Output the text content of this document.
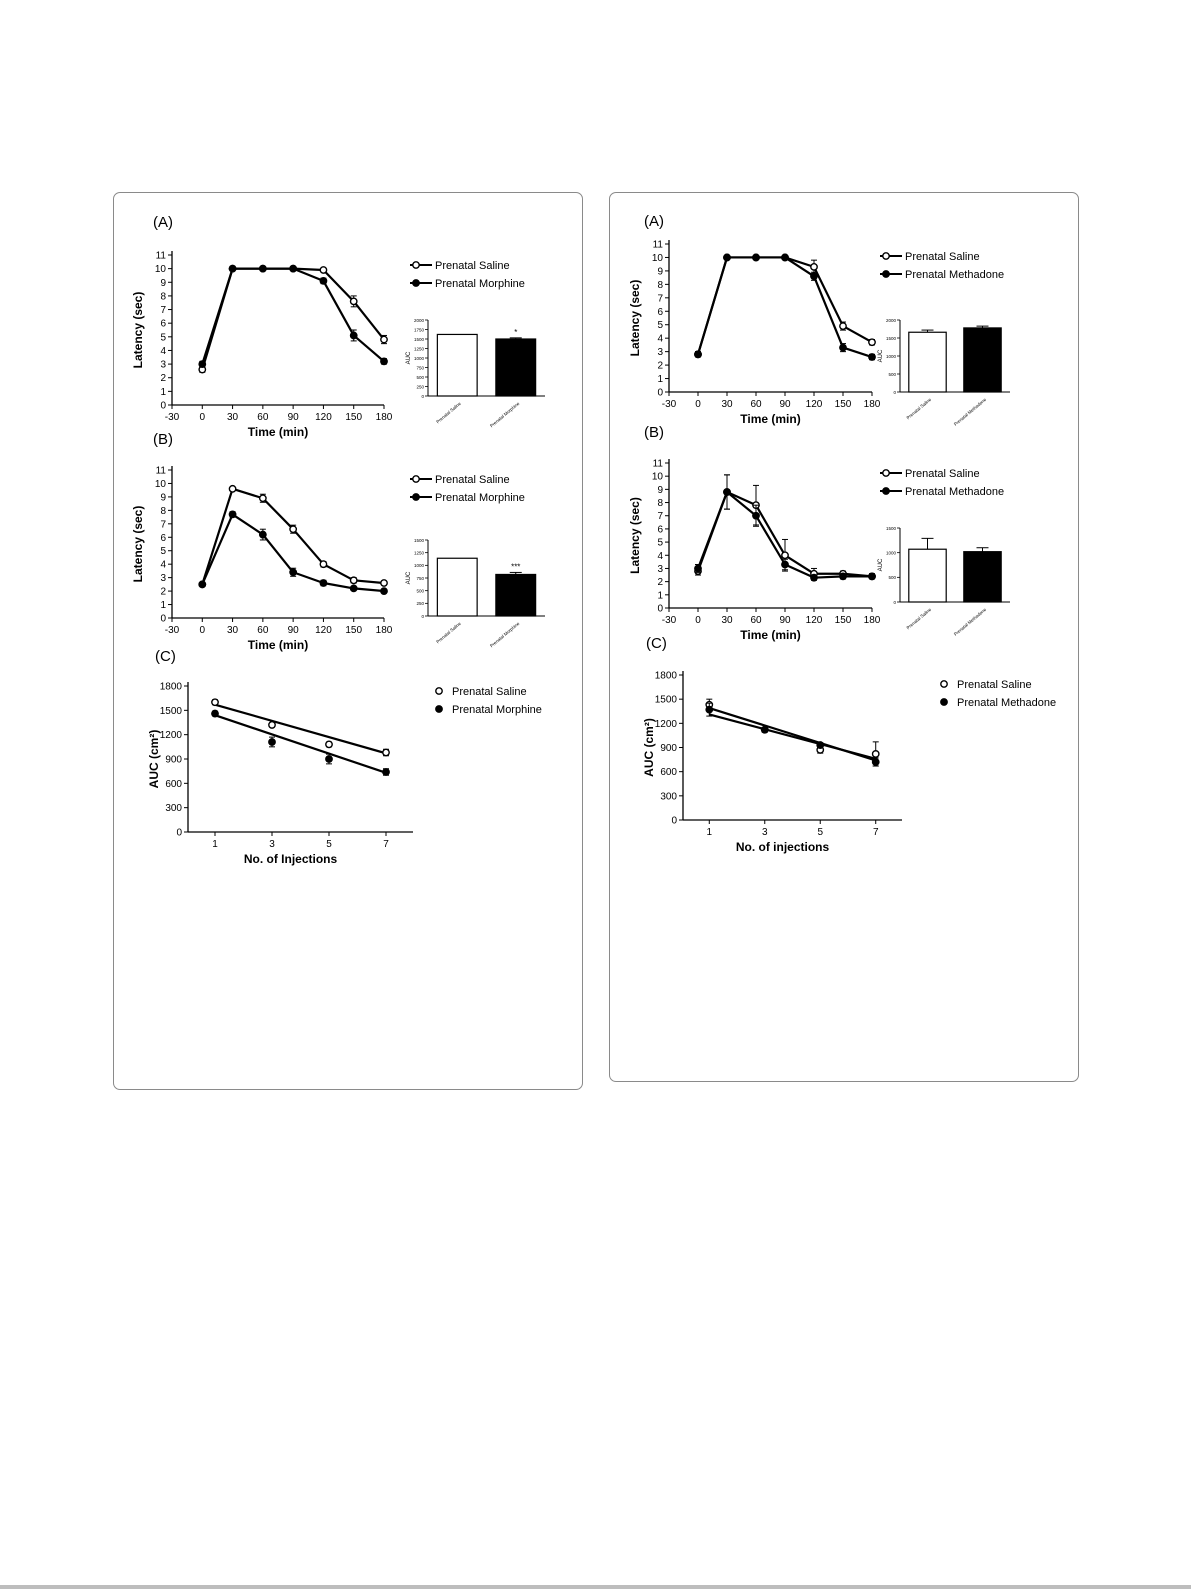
(A)
0
1
2
3
4
5
6
7
8
9
10
11
-30 0 30 60 90 120 150 180
Time (min)
Latency (sec)
Prenatal Saline
Prenatal Morphine
0
250
500
750
1000
1250
1500
1750
2000
AUC
Prenatal Saline	Prenatal Morphine
*
(B)
0
1
2
3
4
5
6
7
8
9
10
11
-30 0 30 60 90 120 150 180
Time (min)
Latency (sec)
Prenatal Saline
Prenatal Morphine
0
250
500
750
1000
1250
1500
AUC
Prenatal Saline	Prenatal Morphine
***
(C)
0
300
600
900
1200
1500
1800
1	3	5	7
No. of Injections
AUC (cm²)
Prenatal Saline
Prenatal Morphine
(A)
0
1
2
3
4
5
6
7
8
9
10
11
-30 0 30 60 90 120 150 180
Time (min)
Latency (sec)
Prenatal Saline
Prenatal Methadone
0
500
1000
1500
2000
AUC
Prenatal Saline	Prenatal Methadone
(B)
0
1
2
3
4
5
6
7
8
9
10
11
-30 0 30 60 90 120 150 180
Time (min)
Latency (sec)
Prenatal Saline
Prenatal Methadone
0
500
1000
1500
AUC
Prenatal Saline	Prenatal Methadone
(C)
0
300
600
900
1200
1500
1800
1	3	5	7
No. of injections
AUC (cm²)
Prenatal Saline
Prenatal Methadone
